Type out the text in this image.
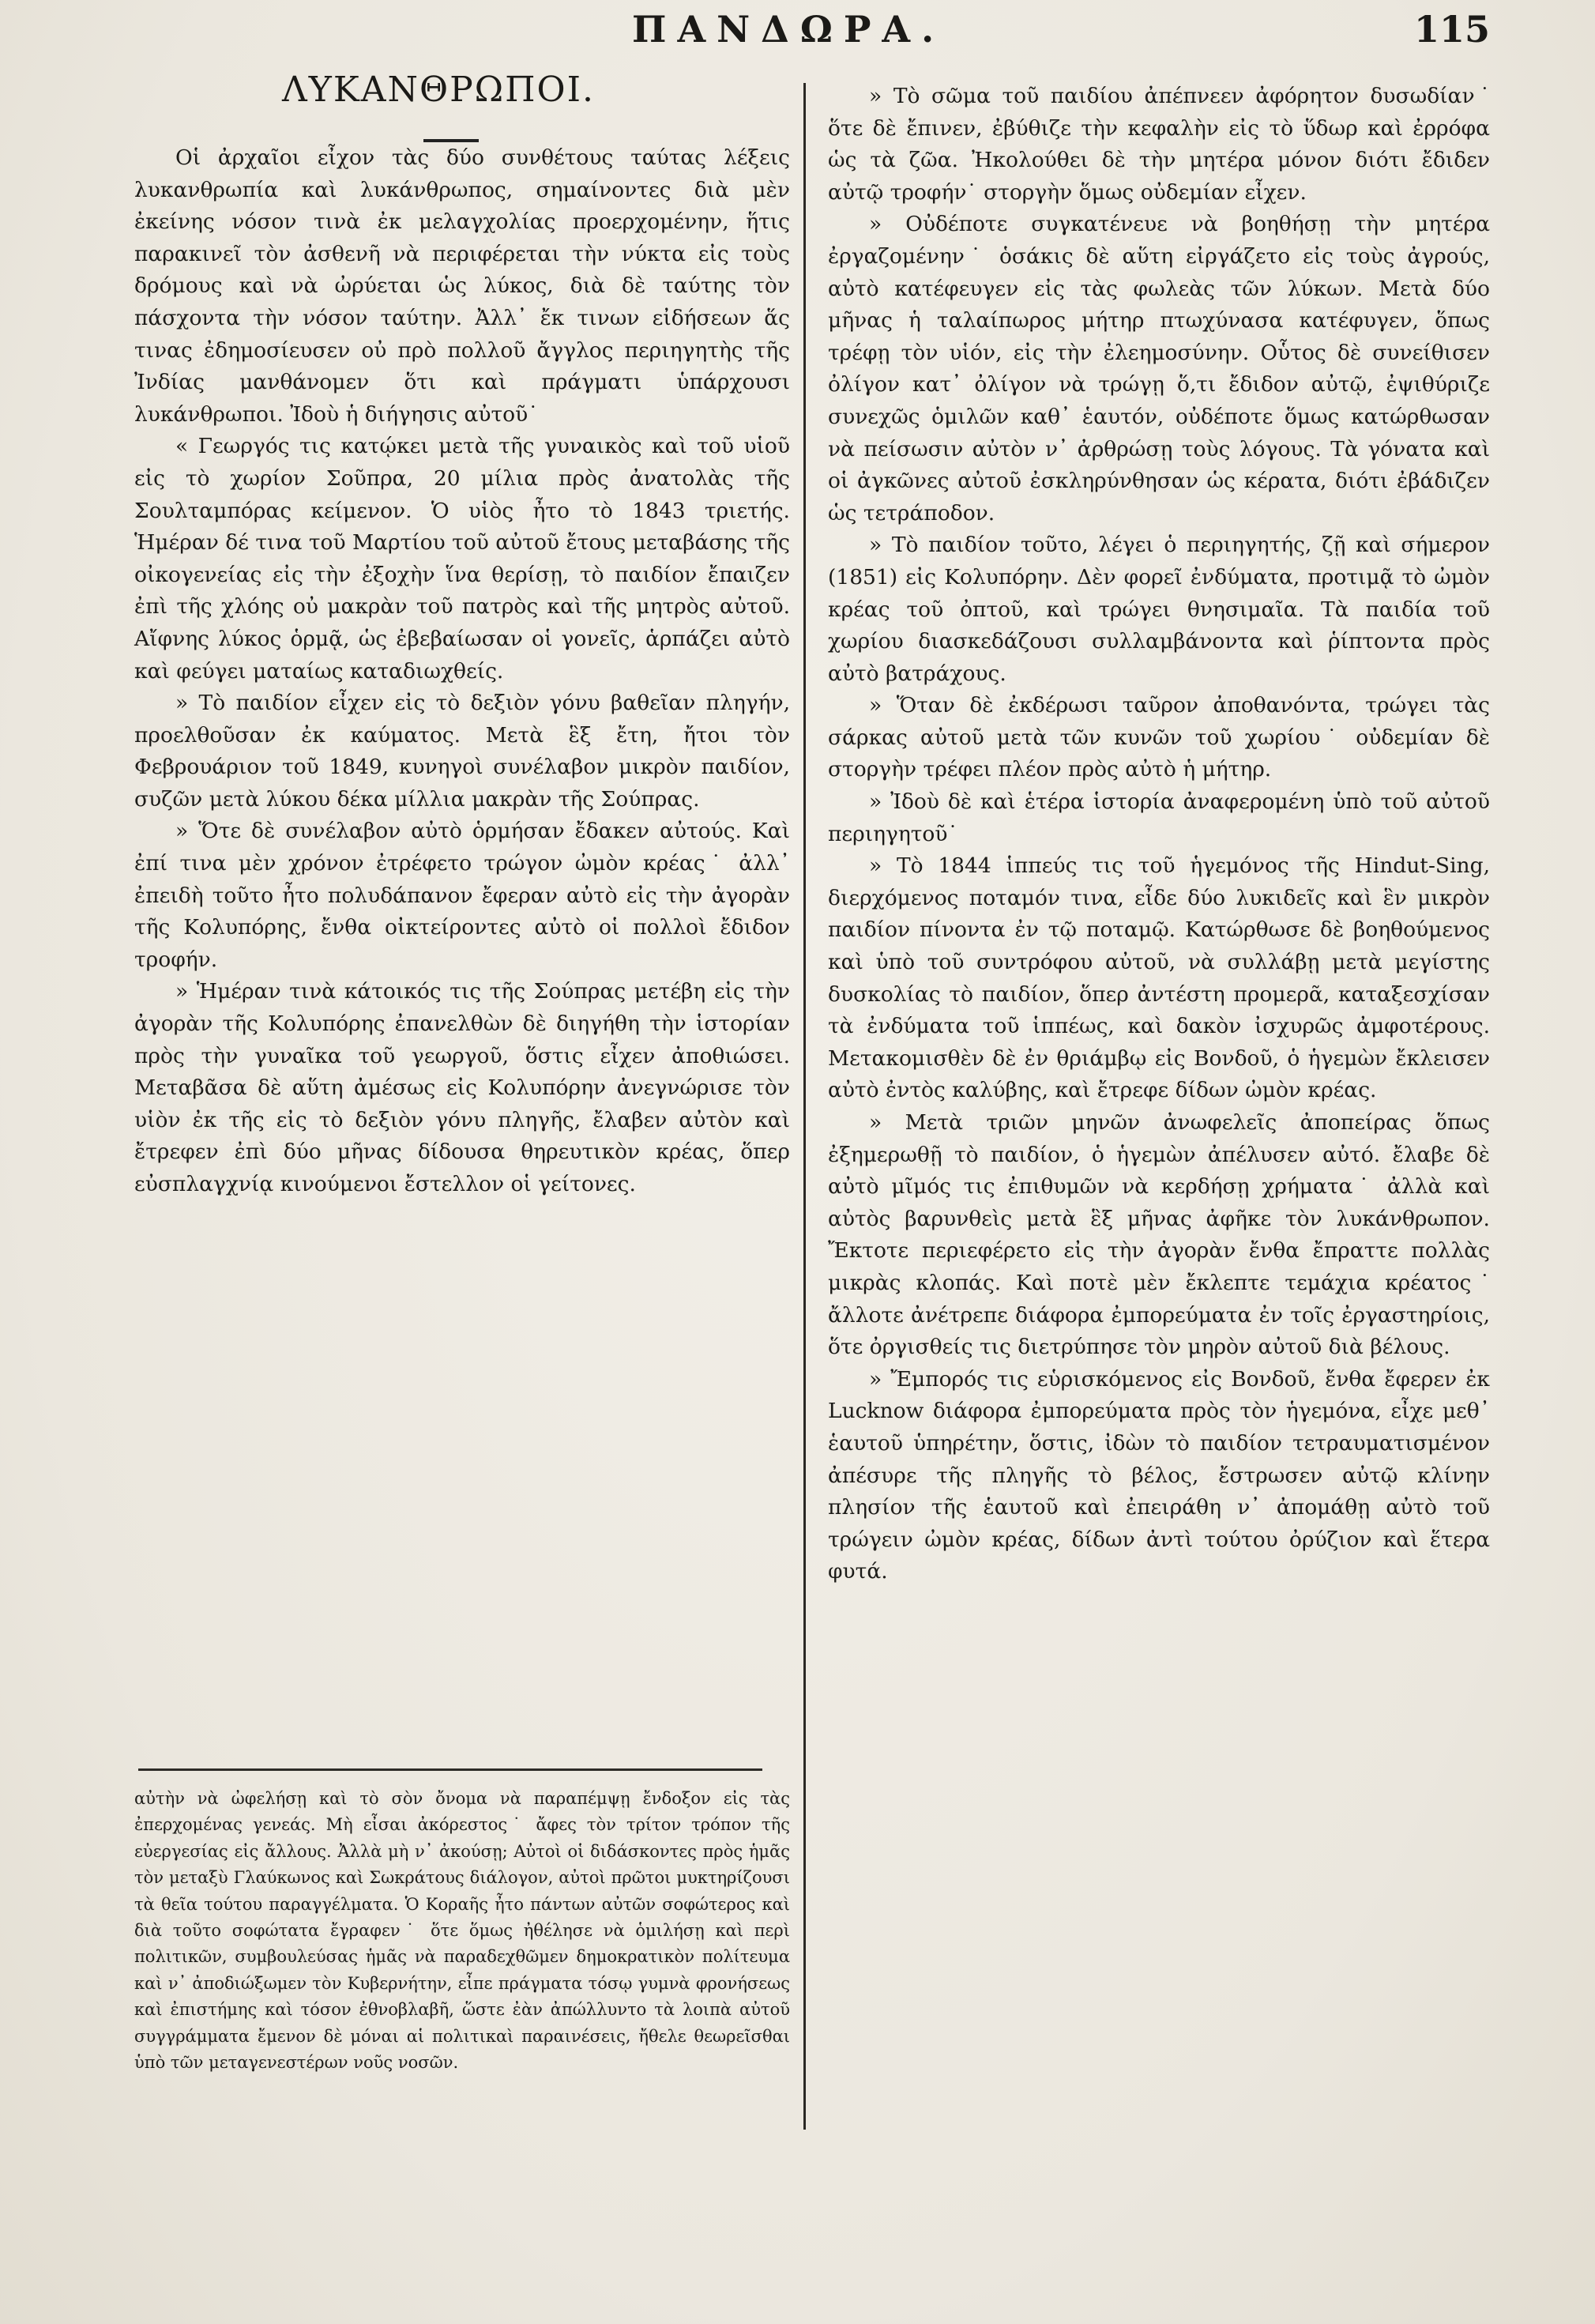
ΠΑΝΔΩΡΑ.	115
ΛΥΚΑΝΘΡΩΠΟΙ.

Οἱ ἀρχαῖοι εἶχον τὰς δύο συνθέτους ταύτας λέξεις λυκανθρωπία καὶ λυκάνθρωπος, σημαίνοντες διὰ μὲν ἐκείνης νόσον τινὰ ἐκ μελαγχολίας προερχομένην, ἥτις παρακινεῖ τὸν ἀσθενῆ νὰ περιφέρεται τὴν νύκτα εἰς τοὺς δρόμους καὶ νὰ ὠρύεται ὡς λύκος, διὰ δὲ ταύτης τὸν πάσχοντα τὴν νόσον ταύτην. Ἀλλ᾿ ἔκ τινων εἰδήσεων ἅς τινας ἐδημοσίευσεν οὐ πρὸ πολλοῦ ἄγγλος περιηγητὴς τῆς Ἰνδίας μανθάνομεν ὅτι καὶ πράγματι ὑπάρχουσι λυκάνθρωποι. Ἰδοὺ ἡ διήγησις αὐτοῦ˙

« Γεωργός τις κατῴκει μετὰ τῆς γυναικὸς καὶ τοῦ υἱοῦ εἰς τὸ χωρίον Σοῦπρα, 20 μίλια πρὸς ἀνατολὰς τῆς Σουλταμπόρας κείμενον. Ὁ υἱὸς ἦτο τὸ 1843 τριετής. Ἡμέραν δέ τινα τοῦ Μαρτίου τοῦ αὐτοῦ ἔτους μεταβάσης τῆς οἰκογενείας εἰς τὴν ἐξοχὴν ἵνα θερίσῃ, τὸ παιδίον ἔπαιζεν ἐπὶ τῆς χλόης οὐ μακρὰν τοῦ πατρὸς καὶ τῆς μητρὸς αὐτοῦ. Αἴφνης λύκος ὁρμᾷ, ὡς ἐβεβαίωσαν οἱ γονεῖς, ἁρπάζει αὐτὸ καὶ φεύγει ματαίως καταδιωχθείς.

» Τὸ παιδίον εἶχεν εἰς τὸ δεξιὸν γόνυ βαθεῖαν πληγήν, προελθοῦσαν ἐκ καύματος. Μετὰ ἓξ ἔτη, ἤτοι τὸν Φεβρουάριον τοῦ 1849, κυνηγοὶ συνέλαβον μικρὸν παιδίον, συζῶν μετὰ λύκου δέκα μίλλια μακρὰν τῆς Σούπρας.

» Ὅτε δὲ συνέλαβον αὐτὸ ὁρμήσαν ἔδακεν αὐτούς. Καὶ ἐπί τινα μὲν χρόνον ἐτρέφετο τρώγον ὠμὸν κρέας˙ ἀλλ᾿ ἐπειδὴ τοῦτο ἦτο πολυδάπανον ἔφεραν αὐτὸ εἰς τὴν ἀγορὰν τῆς Κολυπόρης, ἔνθα οἰκτείροντες αὐτὸ οἱ πολλοὶ ἔδιδον τροφήν.

» Ἡμέραν τινὰ κάτοικός τις τῆς Σούπρας μετέβη εἰς τὴν ἀγορὰν τῆς Κολυπόρης ἐπανελθὼν δὲ διηγήθη τὴν ἱστορίαν πρὸς τὴν γυναῖκα τοῦ γεωργοῦ, ὅστις εἶχεν ἀποθιώσει. Μεταβᾶσα δὲ αὕτη ἀμέσως εἰς Κολυπόρην ἀνεγνώρισε τὸν υἱὸν ἐκ τῆς εἰς τὸ δεξιὸν γόνυ πληγῆς, ἔλαβεν αὐτὸν καὶ ἔτρεφεν ἐπὶ δύο μῆνας δίδουσα θηρευτικὸν κρέας, ὅπερ εὐσπλαγχνίᾳ κινούμενοι ἔστελλον οἱ γείτονες.

αὐτὴν νὰ ὠφελήσῃ καὶ τὸ σὸν ὄνομα νὰ παραπέμψῃ ἔνδοξον εἰς τὰς ἐπερχομένας γενεάς. Μὴ εἶσαι ἀκόρεστος˙ ἄφες τὸν τρίτον τρόπον τῆς εὐεργεσίας εἰς ἄλλους. Ἀλλὰ μὴ ν᾿ ἀκούσῃ; Αὐτοὶ οἱ διδάσκοντες πρὸς ἡμᾶς τὸν μεταξὺ Γλαύκωνος καὶ Σωκράτους διάλογον, αὐτοὶ πρῶτοι μυκτηρίζουσι τὰ θεῖα τούτου παραγγέλματα. Ὁ Κοραῆς ἦτο πάντων αὐτῶν σοφώτερος καὶ διὰ τοῦτο σοφώτατα ἔγραφεν˙ ὅτε ὅμως ἠθέλησε νὰ ὁμιλήσῃ καὶ περὶ πολιτικῶν, συμβουλεύσας ἡμᾶς νὰ παραδεχθῶμεν δημοκρατικὸν πολίτευμα καὶ ν᾿ ἀποδιώξωμεν τὸν Κυβερνήτην, εἶπε πράγματα τόσῳ γυμνὰ φρονήσεως καὶ ἐπιστήμης καὶ τόσον ἐθνοβλαβῆ, ὥστε ἐὰν ἀπώλλυντο τὰ λοιπὰ αὐτοῦ συγγράμματα ἔμενον δὲ μόναι αἱ πολιτικαὶ παραινέσεις, ἤθελε θεωρεῖσθαι ὑπὸ τῶν μεταγενεστέρων νοῦς νοσῶν.

» Τὸ σῶμα τοῦ παιδίου ἀπέπνεεν ἀφόρητον δυσωδίαν˙ ὅτε δὲ ἔπινεν, ἐβύθιζε τὴν κεφαλὴν εἰς τὸ ὕδωρ καὶ ἐρρόφα ὡς τὰ ζῶα. Ἠκολούθει δὲ τὴν μητέρα μόνον διότι ἔδιδεν αὐτῷ τροφήν˙ στοργὴν ὅμως οὐδεμίαν εἶχεν.

» Οὐδέποτε συγκατένευε νὰ βοηθήσῃ τὴν μητέρα ἐργαζομένην˙ ὁσάκις δὲ αὕτη εἰργάζετο εἰς τοὺς ἀγρούς, αὐτὸ κατέφευγεν εἰς τὰς φωλεὰς τῶν λύκων. Μετὰ δύο μῆνας ἡ ταλαίπωρος μήτηρ πτωχύνασα κατέφυγεν, ὅπως τρέφῃ τὸν υἱόν, εἰς τὴν ἐλεημοσύνην. Οὗτος δὲ συνείθισεν ὀλίγον κατ᾿ ὀλίγον νὰ τρώγῃ ὅ,τι ἔδιδον αὐτῷ, ἐψιθύριζε συνεχῶς ὁμιλῶν καθ᾿ ἑαυτόν, οὐδέποτε ὅμως κατώρθωσαν νὰ πείσωσιν αὐτὸν ν᾿ ἀρθρώσῃ τοὺς λόγους. Τὰ γόνατα καὶ οἱ ἀγκῶνες αὐτοῦ ἐσκληρύνθησαν ὡς κέρατα, διότι ἐβάδιζεν ὡς τετράποδον.

» Τὸ παιδίον τοῦτο, λέγει ὁ περιηγητής, ζῇ καὶ σήμερον (1851) εἰς Κολυπόρην. Δὲν φορεῖ ἐνδύματα, προτιμᾷ τὸ ὠμὸν κρέας τοῦ ὀπτοῦ, καὶ τρώγει θνησιμαῖα. Τὰ παιδία τοῦ χωρίου διασκεδάζουσι συλλαμβάνοντα καὶ ῥίπτοντα πρὸς αὐτὸ βατράχους.

» Ὅταν δὲ ἐκδέρωσι ταῦρον ἀποθανόντα, τρώγει τὰς σάρκας αὐτοῦ μετὰ τῶν κυνῶν τοῦ χωρίου˙ οὐδεμίαν δὲ στοργὴν τρέφει πλέον πρὸς αὐτὸ ἡ μήτηρ.

» Ἰδοὺ δὲ καὶ ἑτέρα ἱστορία ἀναφερομένη ὑπὸ τοῦ αὐτοῦ περιηγητοῦ˙

» Τὸ 1844 ἱππεύς τις τοῦ ἡγεμόνος τῆς Hindut-Sing, διερχόμενος ποταμόν τινα, εἶδε δύο λυκιδεῖς καὶ ἓν μικρὸν παιδίον πίνοντα ἐν τῷ ποταμῷ. Κατώρθωσε δὲ βοηθούμενος καὶ ὑπὸ τοῦ συντρόφου αὐτοῦ, νὰ συλλάβῃ μετὰ μεγίστης δυσκολίας τὸ παιδίον, ὅπερ ἀντέστη προμερᾶ, καταξεσχίσαν τὰ ἐνδύματα τοῦ ἱππέως, καὶ δακὸν ἰσχυρῶς ἀμφοτέρους. Μετακομισθὲν δὲ ἐν θριάμβῳ εἰς Βονδοῦ, ὁ ἡγεμὼν ἔκλεισεν αὐτὸ ἐντὸς καλύβης, καὶ ἔτρεφε δίδων ὠμὸν κρέας.

» Μετὰ τριῶν μηνῶν ἀνωφελεῖς ἀποπείρας ὅπως ἐξημερωθῇ τὸ παιδίον, ὁ ἡγεμὼν ἀπέλυσεν αὐτό. ἔλαβε δὲ αὐτὸ μῖμός τις ἐπιθυμῶν νὰ κερδήσῃ χρήματα˙ ἀλλὰ καὶ αὐτὸς βαρυνθεὶς μετὰ ἓξ μῆνας ἀφῆκε τὸν λυκάνθρωπον. Ἔκτοτε περιεφέρετο εἰς τὴν ἀγορὰν ἔνθα ἔπραττε πολλὰς μικρὰς κλοπάς. Καὶ ποτὲ μὲν ἔκλεπτε τεμάχια κρέατος˙ ἄλλοτε ἀνέτρεπε διάφορα ἐμπορεύματα ἐν τοῖς ἐργαστηρίοις, ὅτε ὀργισθείς τις διετρύπησε τὸν μηρὸν αὐτοῦ διὰ βέλους.

» Ἔμπορός τις εὑρισκόμενος εἰς Βονδοῦ, ἔνθα ἔφερεν ἐκ Lucknow διάφορα ἐμπορεύματα πρὸς τὸν ἡγεμόνα, εἶχε μεθ᾿ ἑαυτοῦ ὑπηρέτην, ὅστις, ἰδὼν τὸ παιδίον τετραυματισμένον ἀπέσυρε τῆς πληγῆς τὸ βέλος, ἔστρωσεν αὐτῷ κλίνην πλησίον τῆς ἑαυτοῦ καὶ ἐπειράθη ν᾿ ἀπομάθῃ αὐτὸ τοῦ τρώγειν ὠμὸν κρέας, δίδων ἀντὶ τούτου ὀρύζιον καὶ ἕτερα φυτά.
